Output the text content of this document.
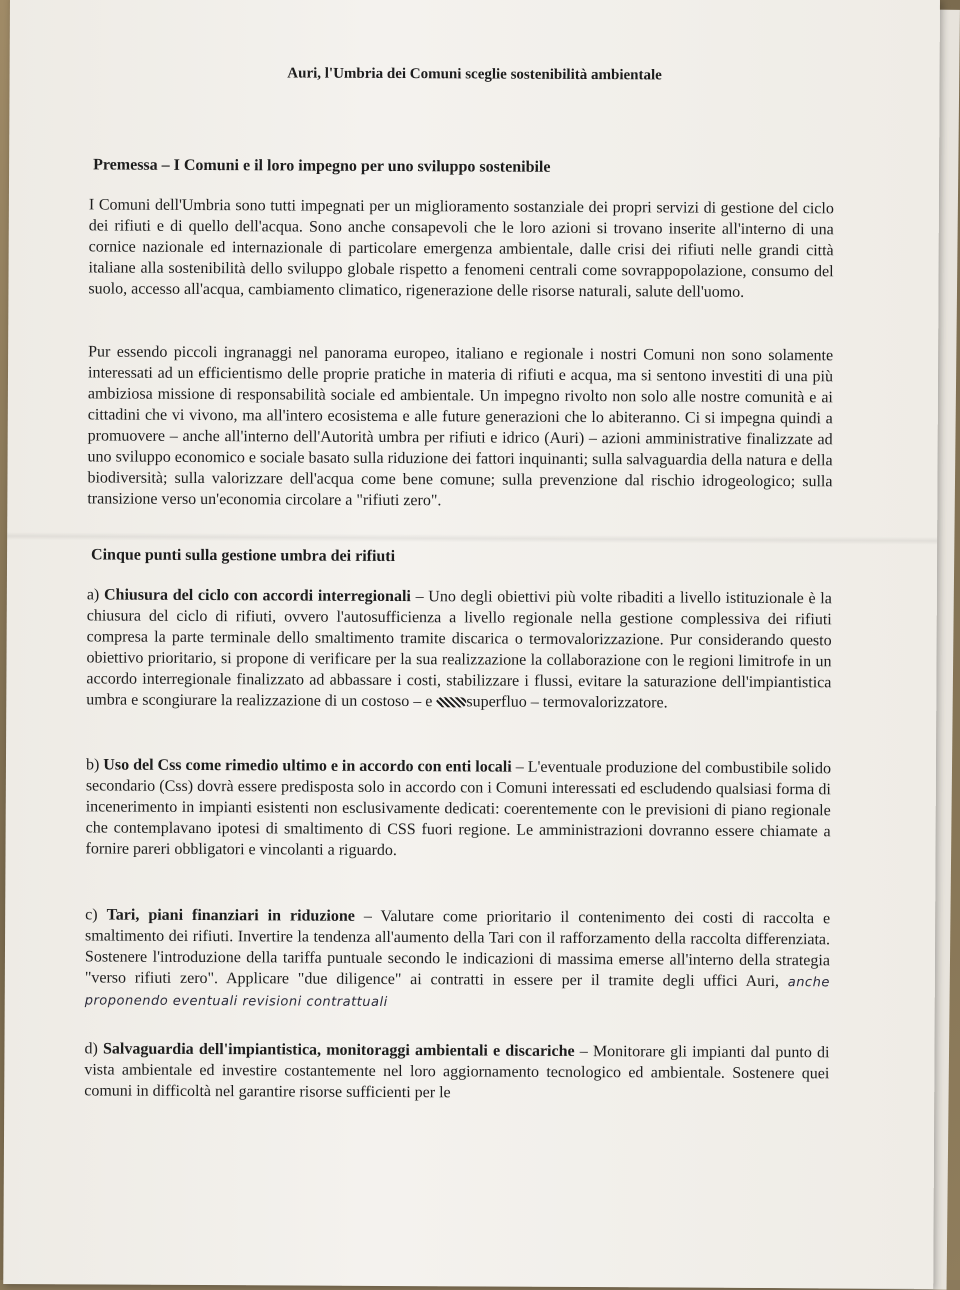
Auri, l'Umbria dei Comuni sceglie sostenibilità ambientale
Premessa – I Comuni e il loro impegno per uno sviluppo sostenibile

I Comuni dell'Umbria sono tutti impegnati per un miglioramento sostanziale dei propri servizi di gestione del ciclo dei rifiuti e di quello dell'acqua. Sono anche consapevoli che le loro azioni si trovano inserite all'interno di una cornice nazionale ed internazionale di particolare emergenza ambientale, dalle crisi dei rifiuti nelle grandi città italiane alla sostenibilità dello sviluppo globale rispetto a fenomeni centrali come sovrappopolazione, consumo del suolo, accesso all'acqua, cambiamento climatico, rigenerazione delle risorse naturali, salute dell'uomo.

Pur essendo piccoli ingranaggi nel panorama europeo, italiano e regionale i nostri Comuni non sono solamente interessati ad un efficientismo delle proprie pratiche in materia di rifiuti e acqua, ma si sentono investiti di una più ambiziosa missione di responsabilità sociale ed ambientale. Un impegno rivolto non solo alle nostre comunità e ai cittadini che vi vivono, ma all'intero ecosistema e alle future generazioni che lo abiteranno. Ci si impegna quindi a promuovere – anche all'interno dell'Autorità umbra per rifiuti e idrico (Auri) – azioni amministrative finalizzate ad uno sviluppo economico e sociale basato sulla riduzione dei fattori inquinanti; sulla salvaguardia della natura e della biodiversità; sulla valorizzare dell'acqua come bene comune; sulla prevenzione dal rischio idrogeologico; sulla transizione verso un'economia circolare a "rifiuti zero".

Cinque punti sulla gestione umbra dei rifiuti

a) Chiusura del ciclo con accordi interregionali – Uno degli obiettivi più volte ribaditi a livello istituzionale è la chiusura del ciclo di rifiuti, ovvero l'autosufficienza a livello regionale nella gestione complessiva dei rifiuti compresa la parte terminale dello smaltimento tramite discarica o termovalorizzazione. Pur considerando questo obiettivo prioritario, si propone di verificare per la sua realizzazione la collaborazione con le regioni limitrofe in un accordo interregionale finalizzato ad abbassare i costi, stabilizzare i flussi, evitare la saturazione dell'impiantistica umbra e scongiurare la realizzazione di un costoso – e superfluo – termovalorizzatore.

b) Uso del Css come rimedio ultimo e in accordo con enti locali – L'eventuale produzione del combustibile solido secondario (Css) dovrà essere predisposta solo in accordo con i Comuni interessati ed escludendo qualsiasi forma di incenerimento in impianti esistenti non esclusivamente dedicati: coerentemente con le previsioni di piano regionale che contemplavano ipotesi di smaltimento di CSS fuori regione. Le amministrazioni dovranno essere chiamate a fornire pareri obbligatori e vincolanti a riguardo.

c) Tari, piani finanziari in riduzione – Valutare come prioritario il contenimento dei costi di raccolta e smaltimento dei rifiuti. Invertire la tendenza all'aumento della Tari con il rafforzamento della raccolta differenziata. Sostenere l'introduzione della tariffa puntuale secondo le indicazioni di massima emerse all'interno della strategia "verso rifiuti zero". Applicare "due diligence" ai contratti in essere per il tramite degli uffici Auri, anche proponendo eventuali revisioni contrattuali

d) Salvaguardia dell'impiantistica, monitoraggi ambientali e discariche – Monitorare gli impianti dal punto di vista ambientale ed investire costantemente nel loro aggiornamento tecnologico ed ambientale. Sostenere quei comuni in difficoltà nel garantire risorse sufficienti per le
